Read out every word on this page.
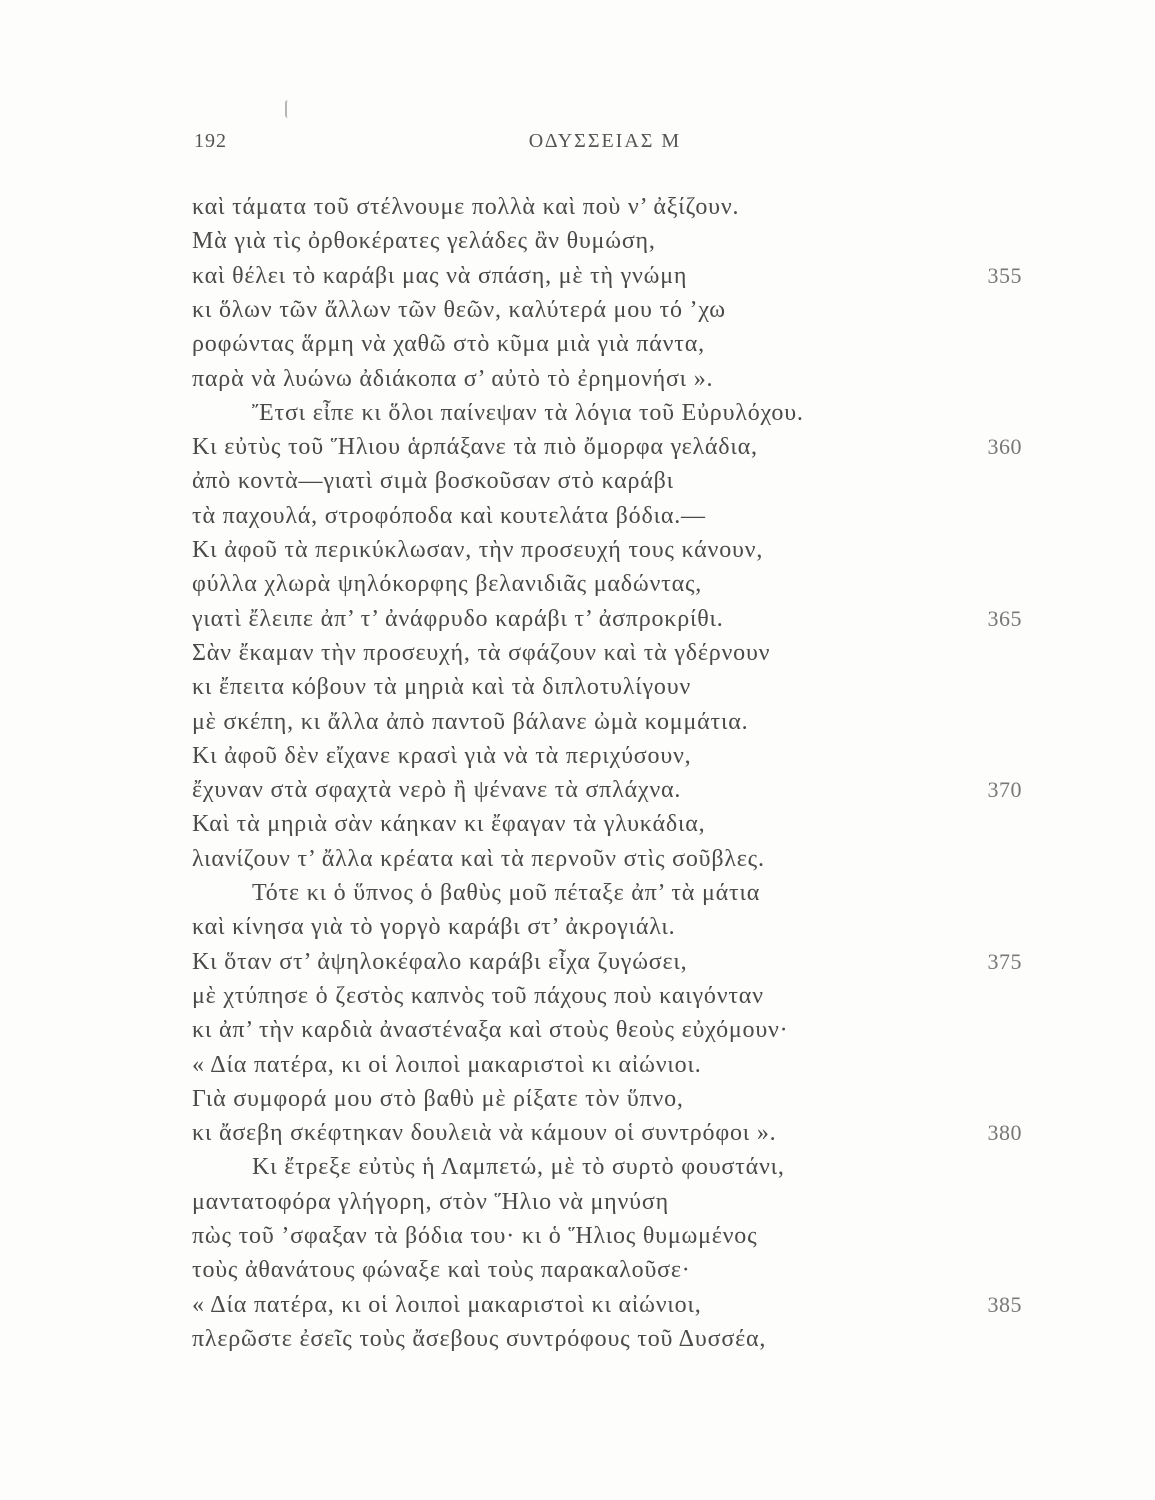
192	ΟΔΥΣΣΕΙΑΣ Μ
καὶ τάματα τοῦ στέλνουμε πολλὰ καὶ ποὺ ν’ ἀξίζουν.
Μὰ γιὰ τὶς ὀρθοκέρατες γελάδες ἂν θυμώση,
καὶ θέλει τὸ καράβι μας νὰ σπάση, μὲ τὴ γνώμη	355
κι ὅλων τῶν ἄλλων τῶν θεῶν, καλύτερά μου τό ’χω
ροφώντας ἅρμη νὰ χαθῶ στὸ κῦμα μιὰ γιὰ πάντα,
παρὰ νὰ λυώνω ἀδιάκοπα σ’ αὐτὸ τὸ ἐρημονήσι ».
Ἔτσι εἶπε κι ὅλοι παίνεψαν τὰ λόγια τοῦ Εὐρυλόχου.
Κι εὐτὺς τοῦ Ἥλιου ἁρπάξανε τὰ πιὸ ὄμορφα γελάδια,	360
ἀπὸ κοντὰ—γιατὶ σιμὰ βοσκοῦσαν στὸ καράβι
τὰ παχουλά, στροφόποδα καὶ κουτελάτα βόδια.—
Κι ἀφοῦ τὰ περικύκλωσαν, τὴν προσευχή τους κάνουν,
φύλλα χλωρὰ ψηλόκορφης βελανιδιᾶς μαδώντας,
γιατὶ ἔλειπε ἀπ’ τ’ ἀνάφρυδο καράβι τ’ ἀσπροκρίθι.	365
Σὰν ἔκαμαν τὴν προσευχή, τὰ σφάζουν καὶ τὰ γδέρνουν
κι ἔπειτα κόβουν τὰ μηριὰ καὶ τὰ διπλοτυλίγουν
μὲ σκέπη, κι ἄλλα ἀπὸ παντοῦ βάλανε ὠμὰ κομμάτια.
Κι ἀφοῦ δὲν εἴχανε κρασὶ γιὰ νὰ τὰ περιχύσουν,
ἔχυναν στὰ σφαχτὰ νερὸ ἢ ψένανε τὰ σπλάχνα.	370
Καὶ τὰ μηριὰ σὰν κάηκαν κι ἔφαγαν τὰ γλυκάδια,
λιανίζουν τ’ ἄλλα κρέατα καὶ τὰ περνοῦν στὶς σοῦβλες.
Τότε κι ὁ ὕπνος ὁ βαθὺς μοῦ πέταξε ἀπ’ τὰ μάτια
καὶ κίνησα γιὰ τὸ γοργὸ καράβι στ’ ἀκρογιάλι.
Κι ὅταν στ’ ἀψηλοκέφαλο καράβι εἶχα ζυγώσει,	375
μὲ χτύπησε ὁ ζεστὸς καπνὸς τοῦ πάχους ποὺ καιγόνταν
κι ἀπ’ τὴν καρδιὰ ἀναστέναξα καὶ στοὺς θεοὺς εὐχόμουν·
« Δία πατέρα, κι οἱ λοιποὶ μακαριστοὶ κι αἰώνιοι.
Γιὰ συμφορά μου στὸ βαθὺ μὲ ρίξατε τὸν ὕπνο,
κι ἄσεβη σκέφτηκαν δουλειὰ νὰ κάμουν οἱ συντρόφοι ».	380
Κι ἔτρεξε εὐτὺς ἡ Λαμπετώ, μὲ τὸ συρτὸ φουστάνι,
μαντατοφόρα γλήγορη, στὸν Ἥλιο νὰ μηνύση
πὼς τοῦ ’σφαξαν τὰ βόδια του· κι ὁ Ἥλιος θυμωμένος
τοὺς ἀθανάτους φώναξε καὶ τοὺς παρακαλοῦσε·
« Δία πατέρα, κι οἱ λοιποὶ μακαριστοὶ κι αἰώνιοι,	385
πλερῶστε ἐσεῖς τοὺς ἄσεβους συντρόφους τοῦ Δυσσέα,
